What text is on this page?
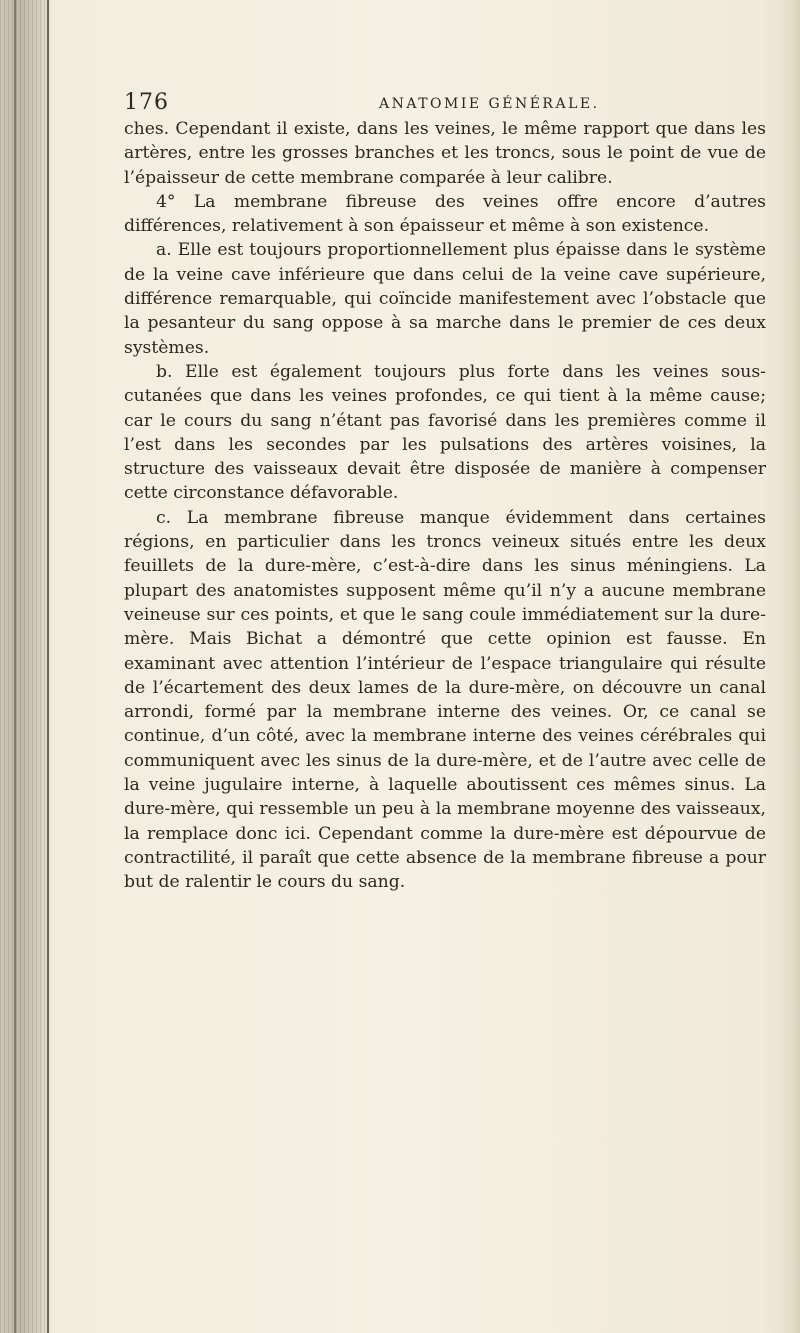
176	ANATOMIE GÉNÉRALE.

ches. Cependant il existe, dans les veines, le même rapport que dans les artères, entre les grosses branches et les troncs, sous le point de vue de l’épaisseur de cette membrane comparée à leur calibre.

4° La membrane fibreuse des veines offre encore d’autres différences, relativement à son épaisseur et même à son existence.

a. Elle est toujours proportionnellement plus épaisse dans le système de la veine cave inférieure que dans celui de la veine cave supérieure, différence remarquable, qui coïncide manifestement avec l’obstacle que la pesanteur du sang oppose à sa marche dans le premier de ces deux systèmes.

b. Elle est également toujours plus forte dans les veines sous-cutanées que dans les veines profondes, ce qui tient à la même cause; car le cours du sang n’étant pas favorisé dans les premières comme il l’est dans les secondes par les pulsations des artères voisines, la structure des vaisseaux devait être disposée de manière à compenser cette circonstance défavorable.

c. La membrane fibreuse manque évidemment dans certaines régions, en particulier dans les troncs veineux situés entre les deux feuillets de la dure-mère, c’est-à-dire dans les sinus méningiens. La plupart des anatomistes supposent même qu’il n’y a aucune membrane veineuse sur ces points, et que le sang coule immédiatement sur la dure-mère. Mais Bichat a démontré que cette opinion est fausse. En examinant avec attention l’intérieur de l’espace triangulaire qui résulte de l’écartement des deux lames de la dure-mère, on découvre un canal arrondi, formé par la membrane interne des veines. Or, ce canal se continue, d’un côté, avec la membrane interne des veines cérébrales qui communiquent avec les sinus de la dure-mère, et de l’autre avec celle de la veine jugulaire interne, à laquelle aboutissent ces mêmes sinus. La dure-mère, qui ressemble un peu à la membrane moyenne des vaisseaux, la remplace donc ici. Cependant comme la dure-mère est dépourvue de contractilité, il paraît que cette absence de la membrane fibreuse a pour but de ralentir le cours du sang.
